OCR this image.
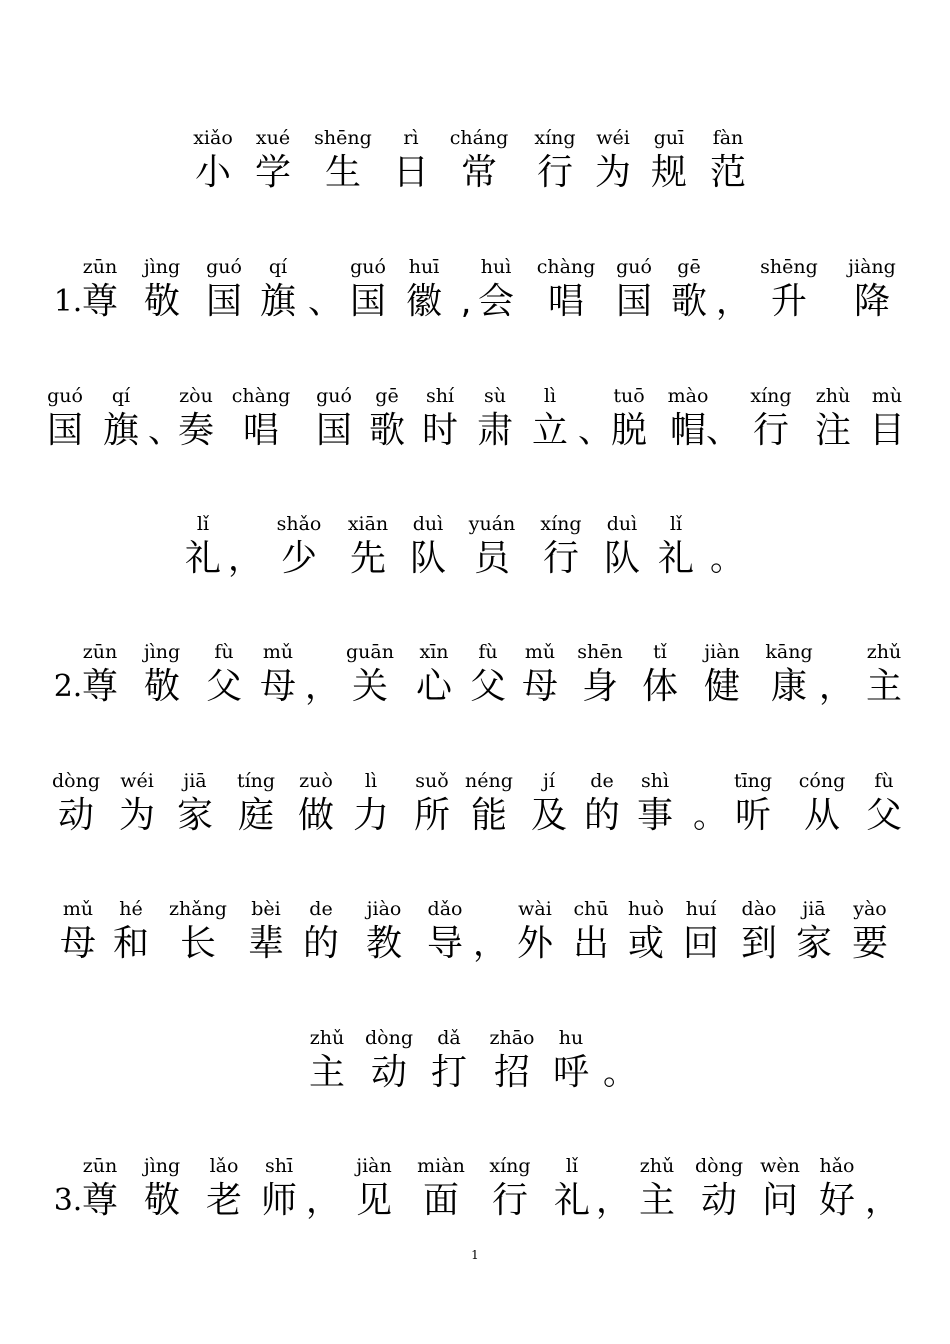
xiǎo
小
xué
学
shēng
生
rì
日
cháng
常
xíng
行
wéi
为
guī
规
fàn
范
1.
zūn
尊
jìng
敬
guó
国
qí
旗 、
guó
国
huī
徽 ,
huì
会
chàng
唱
guó
国
gē
歌 ，
shēng
升
jiàng
降
guó
国
qí
旗 、
zòu
奏
chàng
唱
guó
国
gē
歌
shí
时
sù
肃
lì
立 、
tuō
脱
mào
帽 、
xíng
行
zhù
注
mù
目
lǐ
礼 ，
shǎo
少
xiān
先
duì
队
yuán
员
xíng
行
duì
队
lǐ
礼 。
2.
zūn
尊
jìng
敬
fù
父
mǔ
母 ，
guān
关
xīn
心
fù
父
mǔ
母
shēn
身
tǐ
体
jiàn
健
kāng
康 ，
zhǔ
主
dòng
动
wéi
为
jiā
家
tíng
庭
zuò
做
lì
力
suǒ
所
néng
能
jí
及
de
的
shì
事 。
tīng
听
cóng
从
fù
父
mǔ
母
hé
和
zhǎng
长
bèi
辈
de
的
jiào
教
dǎo
导 ，
wài
外
chū
出
huò
或
huí
回
dào
到
jiā
家
yào
要
zhǔ
主
dòng
动
dǎ
打
zhāo
招
hu
呼 。
3.
zūn
尊
jìng
敬
lǎo
老
shī
师 ，
jiàn
见
miàn
面
xíng
行
lǐ
礼 ，
zhǔ
主
dòng
动
wèn
问
hǎo
好 ，
1
